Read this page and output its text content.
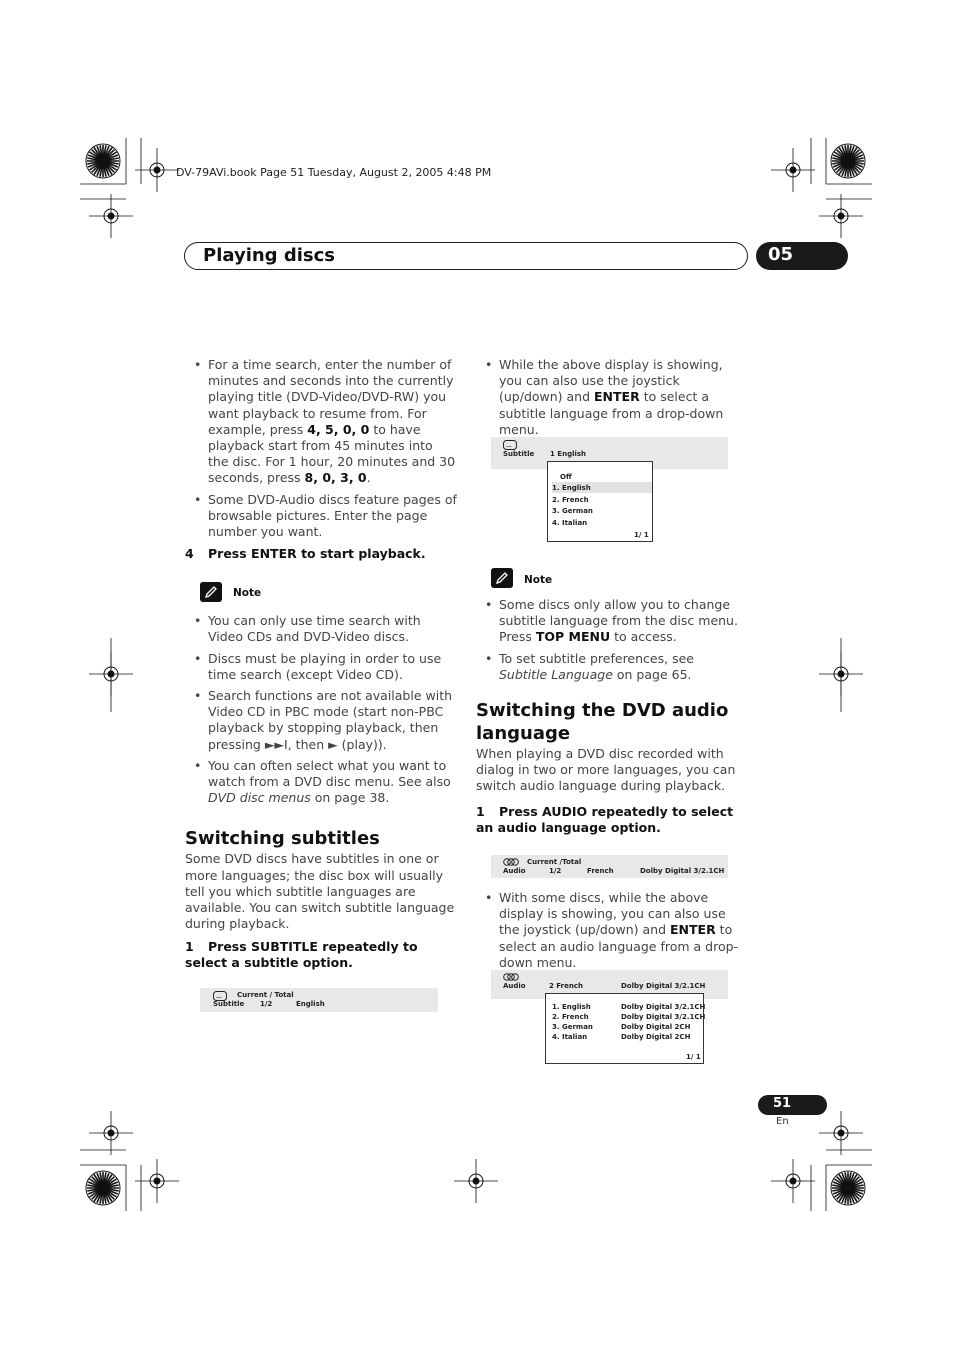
DV-79AVi.book Page 51 Tuesday, August 2, 2005 4:48 PM
Playing discs	05
• For a time search, enter the number of minutes and seconds into the currently playing title (DVD-Video/DVD-RW) you want playback to resume from. For example, press 4, 5, 0, 0 to have playback start from 45 minutes into the disc. For 1 hour, 20 minutes and 30 seconds, press 8, 0, 3, 0.
• Some DVD-Audio discs feature pages of browsable pictures. Enter the page number you want.
4 Press ENTER to start playback.
Note
• You can only use time search with Video CDs and DVD-Video discs.
• Discs must be playing in order to use time search (except Video CD).
• Search functions are not available with Video CD in PBC mode (start non-PBC playback by stopping playback, then pressing ►►I, then ► (play)).
• You can often select what you want to watch from a DVD disc menu. See also DVD disc menus on page 38.
Switching subtitles

Some DVD discs have subtitles in one or more languages; the disc box will usually tell you which subtitle languages are available. You can switch subtitle language during playback.

1 Press SUBTITLE repeatedly to select a subtitle option.
... Current / Total
Subtitle 1/2	English
• While the above display is showing, you can also use the joystick (up/down) and ENTER to select a subtitle language from a drop-down menu.
...
Subtitle 1 English
Off
1. English
2. French
3. German
4. Italian
1/ 1
Note
• Some discs only allow you to change subtitle language from the disc menu. Press TOP MENU to access.
• To set subtitle preferences, see Subtitle Language on page 65.
Switching the DVD audio language

When playing a DVD disc recorded with dialog in two or more languages, you can switch audio language during playback.

1 Press AUDIO repeatedly to select an audio language option.
Current /Total
Audio	1/2	French	Dolby Digital 3/2.1CH
• With some discs, while the above display is showing, you can also use the joystick (up/down) and ENTER to select an audio language from a drop-down menu.
Audio	2 French	Dolby Digital 3/2.1CH
1. English	Dolby Digital 3/2.1CH
2. French	Dolby Digital 3/2.1CH
3. German	Dolby Digital 2CH
4. Italian	Dolby Digital 2CH
1/ 1
51
En
